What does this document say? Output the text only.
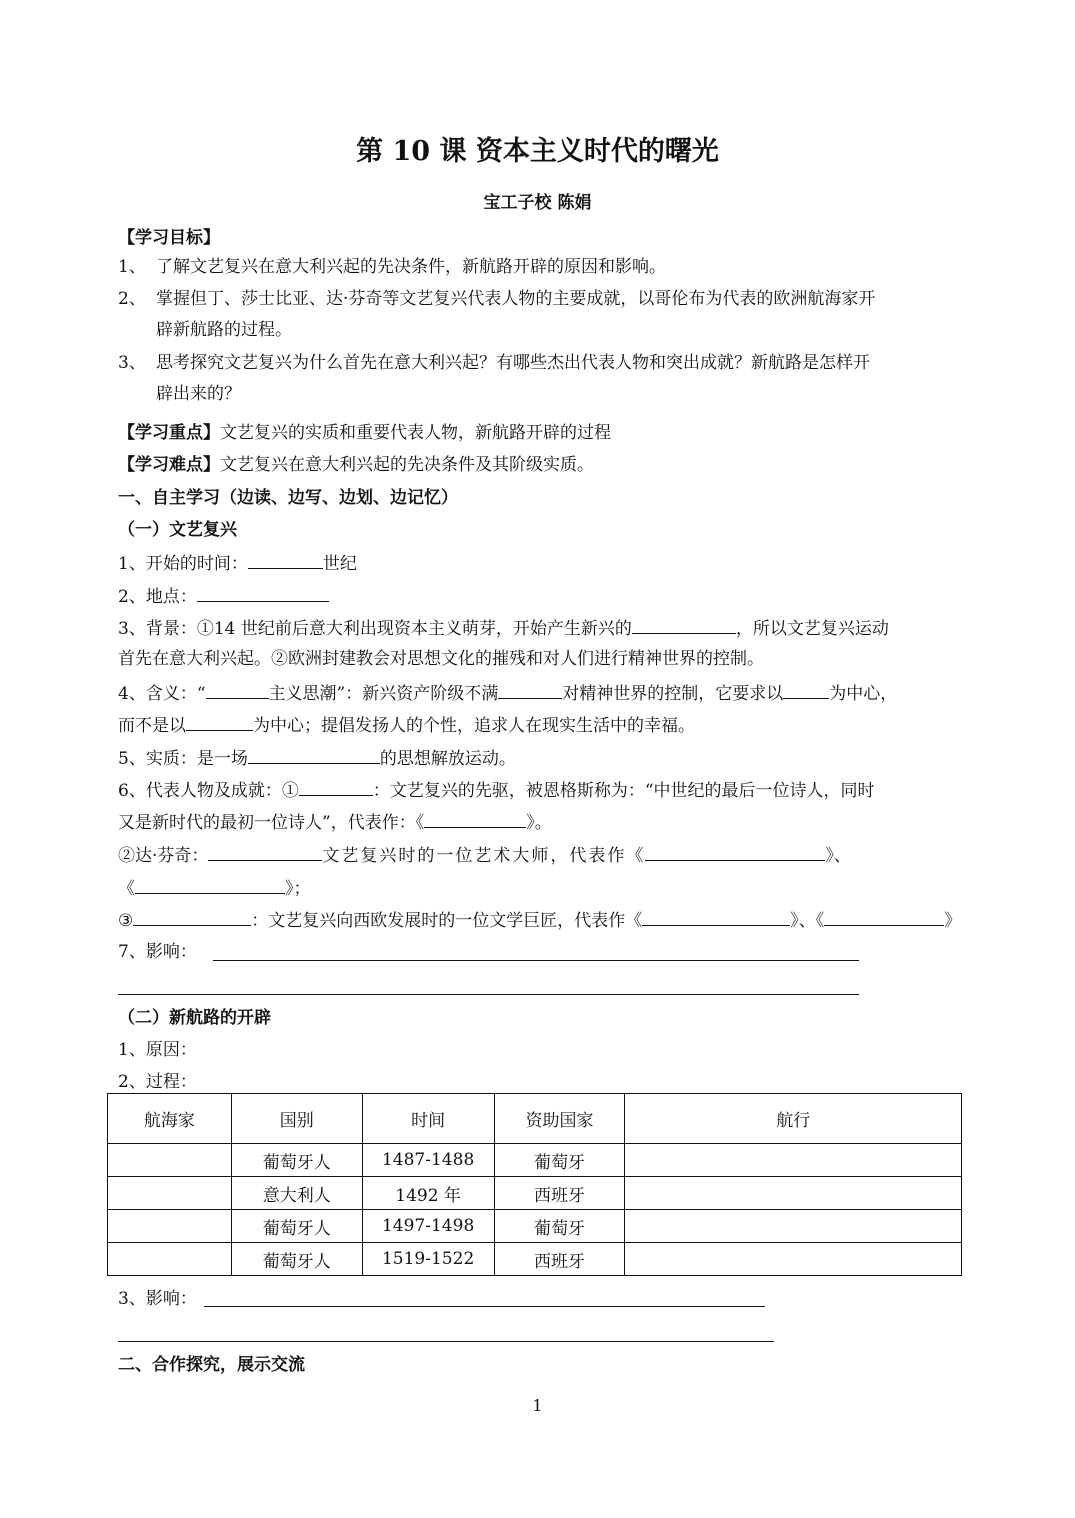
第 10 课 资本主义时代的曙光
宝工子校 陈娟
【学习目标】
1、 了解文艺复兴在意大利兴起的先决条件，新航路开辟的原因和影响。
2、 掌握但丁、莎士比亚、达·芬奇等文艺复兴代表人物的主要成就，以哥伦布为代表的欧洲航海家开
辟新航路的过程。
3、 思考探究文艺复兴为什么首先在意大利兴起？有哪些杰出代表人物和突出成就？新航路是怎样开
辟出来的？
【学习重点】文艺复兴的实质和重要代表人物，新航路开辟的过程
【学习难点】文艺复兴在意大利兴起的先决条件及其阶级实质。
一、自主学习（边读、边写、边划、边记忆）
（一）文艺复兴
1、开始的时间：	世纪
2、地点：
3、背景：①14 世纪前后意大利出现资本主义萌芽，开始产生新兴的	，所以文艺复兴运动
首先在意大利兴起。②欧洲封建教会对思想文化的摧残和对人们进行精神世界的控制。
4、含义：“	主义思潮”：新兴资产阶级不满	对精神世界的控制，它要求以	为中心，
而不是以	为中心；提倡发扬人的个性，追求人在现实生活中的幸福。
5、实质：是一场	的思想解放运动。
6、代表人物及成就：①	：文艺复兴的先驱，被恩格斯称为：“中世纪的最后一位诗人，同时
又是新时代的最初一位诗人”，代表作：《	》。
②达·芬奇：	文艺复兴时的一位艺术大师，代表作《	》、
《	》；
③	：文艺复兴向西欧发展时的一位文学巨匠，代表作《	》、《	》
7、影响：
（二）新航路的开辟
1、原因：
2、过程：
航海家	国别	时间	资助国家	航行
	葡萄牙人	1487-1488	葡萄牙	
	意大利人	1492 年	西班牙	
	葡萄牙人	1497-1498	葡萄牙	
	葡萄牙人	1519-1522	西班牙	
3、影响：
二、合作探究，展示交流
1
